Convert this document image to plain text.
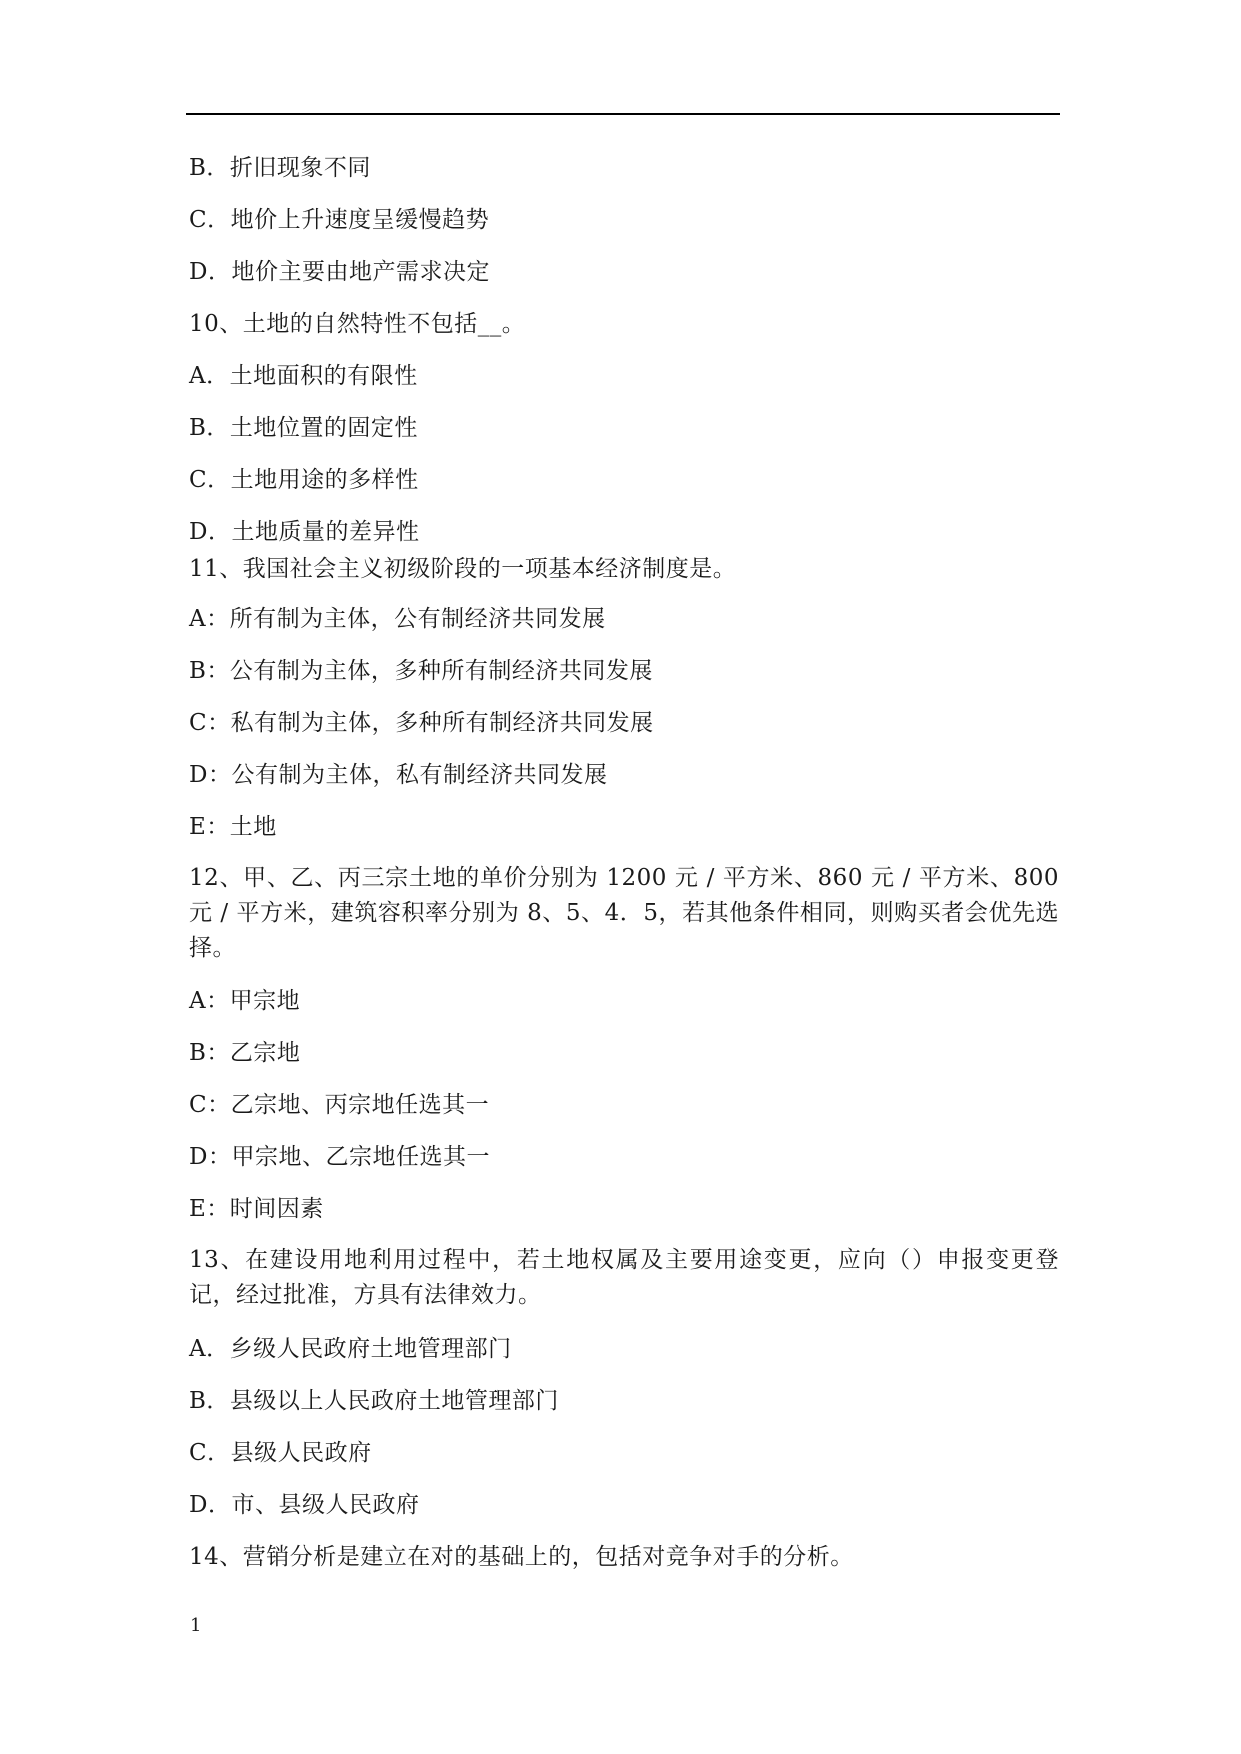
B．折旧现象不同
C．地价上升速度呈缓慢趋势
D．地价主要由地产需求决定
10、土地的自然特性不包括__。
A．土地面积的有限性
B．土地位置的固定性
C．土地用途的多样性
D．土地质量的差异性
11、我国社会主义初级阶段的一项基本经济制度是。
A：所有制为主体，公有制经济共同发展
B：公有制为主体，多种所有制经济共同发展
C：私有制为主体，多种所有制经济共同发展
D：公有制为主体，私有制经济共同发展
E：土地
12、甲、乙、丙三宗土地的单价分别为 1200 元 / 平方米、860 元 / 平方米、800 元 / 平方米，建筑容积率分别为 8、5、4．5，若其他条件相同，则购买者会优先选择。
A：甲宗地
B：乙宗地
C：乙宗地、丙宗地任选其一
D：甲宗地、乙宗地任选其一
E：时间因素
13、在建设用地利用过程中，若土地权属及主要用途变更，应向（）申报变更登记，经过批准，方具有法律效力。
A．乡级人民政府土地管理部门
B．县级以上人民政府土地管理部门
C．县级人民政府
D．市、县级人民政府
14、营销分析是建立在对的基础上的，包括对竞争对手的分析。
1
